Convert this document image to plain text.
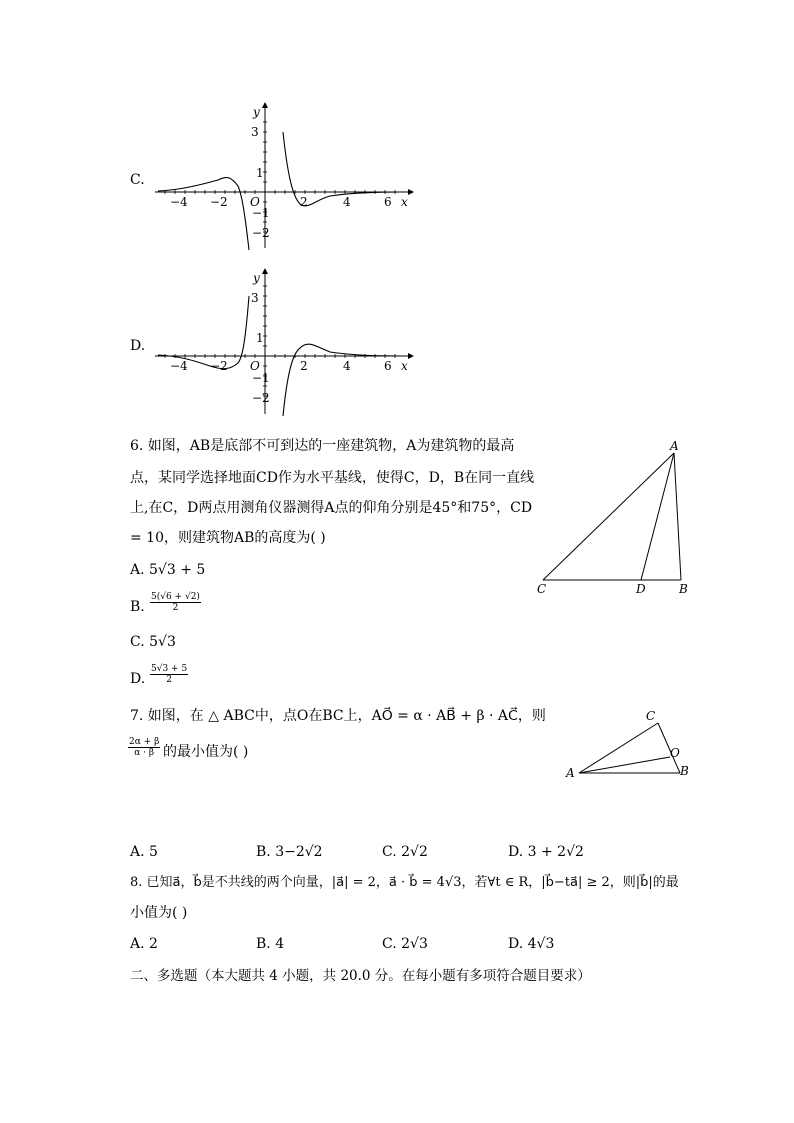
C.
−4 −2	2	4	6
3
1
−1
−2
O	x
y
D.
−4 −2	2	4	6
3
1
−1
−2
O	x
y
6. 如图，AB是底部不可到达的一座建筑物，A为建筑物的最高
点，某同学选择地面CD作为水平基线，使得C，D，B在同一直线
上,在C，D两点用测角仪器测得A点的仰角分别是45°和75°，CD
= 10，则建筑物AB的高度为( )
A. 5√3 + 5
B. $\frac{5(√6 + √2)}{2}$
C. 5√3
D. $\frac{5√3 + 5}{2}$
A
C	D	B
7. 如图，在 △ ABC中，点O在BC上，AO⃗ = α · AB⃗ + β · AC⃗，则
$\frac{2\alpha + \beta}{\alpha \cdot \beta}$ 的最小值为( )
A
C
O
B
A. 5	B. 3−2√2	C. 2√2	D. 3 + 2√2
8. 已知a⃗，b⃗是不共线的两个向量，|a⃗| = 2，a⃗ · b⃗ = 4√3，若∀t ∈ R，|b⃗−ta⃗| ≥ 2，则|b⃗|的最
小值为( )
A. 2	B. 4	C. 2√3	D. 4√3
二、多选题（本大题共 4 小题，共 20.0 分。在每小题有多项符合题目要求）
